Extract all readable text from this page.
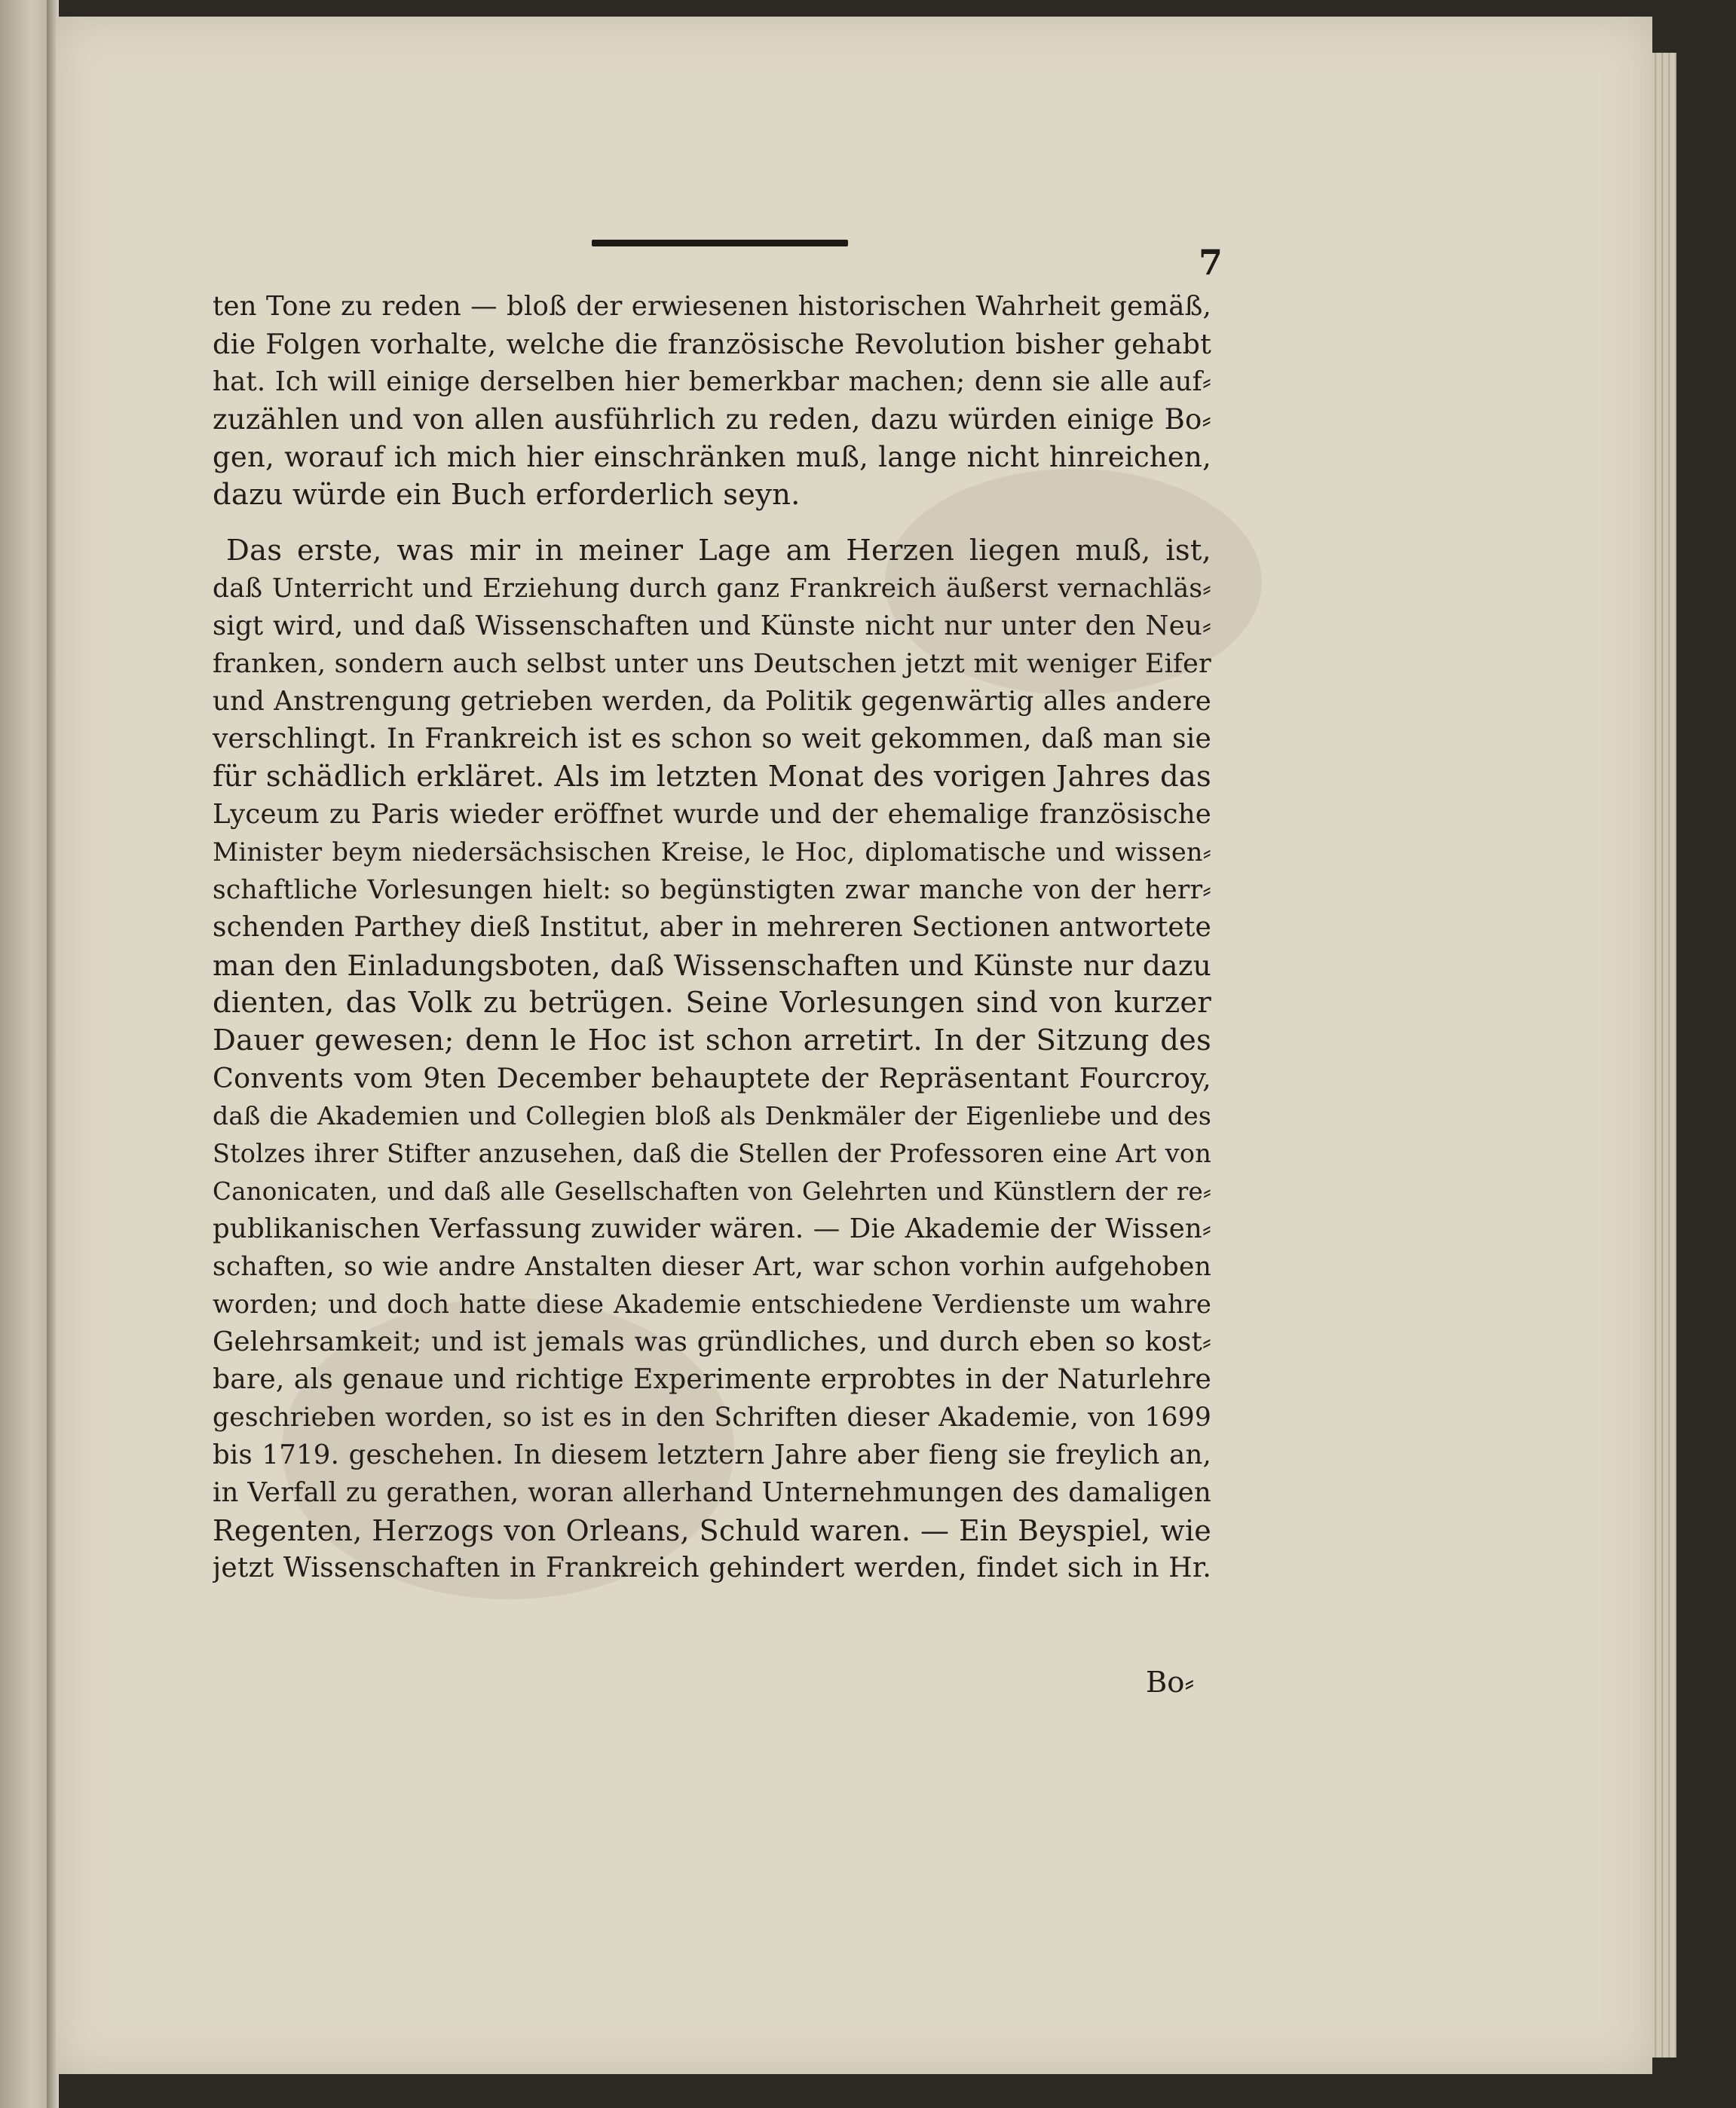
7
ten Tone zu reden — bloß der erwiesenen historischen Wahrheit gemäß,
die Folgen vorhalte, welche die französische Revolution bisher gehabt
hat. Ich will einige derselben hier bemerkbar machen; denn sie alle auf⸗
zuzählen und von allen ausführlich zu reden, dazu würden einige Bo⸗
gen, worauf ich mich hier einschränken muß, lange nicht hinreichen,
dazu würde ein Buch erforderlich seyn.
Das erste, was mir in meiner Lage am Herzen liegen muß, ist,
daß Unterricht und Erziehung durch ganz Frankreich äußerst vernachläs⸗
sigt wird, und daß Wissenschaften und Künste nicht nur unter den Neu⸗
franken, sondern auch selbst unter uns Deutschen jetzt mit weniger Eifer
und Anstrengung getrieben werden, da Politik gegenwärtig alles andere
verschlingt. In Frankreich ist es schon so weit gekommen, daß man sie
für schädlich erkläret. Als im letzten Monat des vorigen Jahres das
Lyceum zu Paris wieder eröffnet wurde und der ehemalige französische
Minister beym niedersächsischen Kreise, le Hoc, diplomatische und wissen⸗
schaftliche Vorlesungen hielt: so begünstigten zwar manche von der herr⸗
schenden Parthey dieß Institut, aber in mehreren Sectionen antwortete
man den Einladungsboten, daß Wissenschaften und Künste nur dazu
dienten, das Volk zu betrügen. Seine Vorlesungen sind von kurzer
Dauer gewesen; denn le Hoc ist schon arretirt. In der Sitzung des
Convents vom 9ten December behauptete der Repräsentant Fourcroy,
daß die Akademien und Collegien bloß als Denkmäler der Eigenliebe und des
Stolzes ihrer Stifter anzusehen, daß die Stellen der Professoren eine Art von
Canonicaten, und daß alle Gesellschaften von Gelehrten und Künstlern der re⸗
publikanischen Verfassung zuwider wären. — Die Akademie der Wissen⸗
schaften, so wie andre Anstalten dieser Art, war schon vorhin aufgehoben
worden; und doch hatte diese Akademie entschiedene Verdienste um wahre
Gelehrsamkeit; und ist jemals was gründliches, und durch eben so kost⸗
bare, als genaue und richtige Experimente erprobtes in der Naturlehre
geschrieben worden, so ist es in den Schriften dieser Akademie, von 1699
bis 1719. geschehen. In diesem letztern Jahre aber fieng sie freylich an,
in Verfall zu gerathen, woran allerhand Unternehmungen des damaligen
Regenten, Herzogs von Orleans, Schuld waren. — Ein Beyspiel, wie
jetzt Wissenschaften in Frankreich gehindert werden, findet sich in Hr.
Bo⸗
